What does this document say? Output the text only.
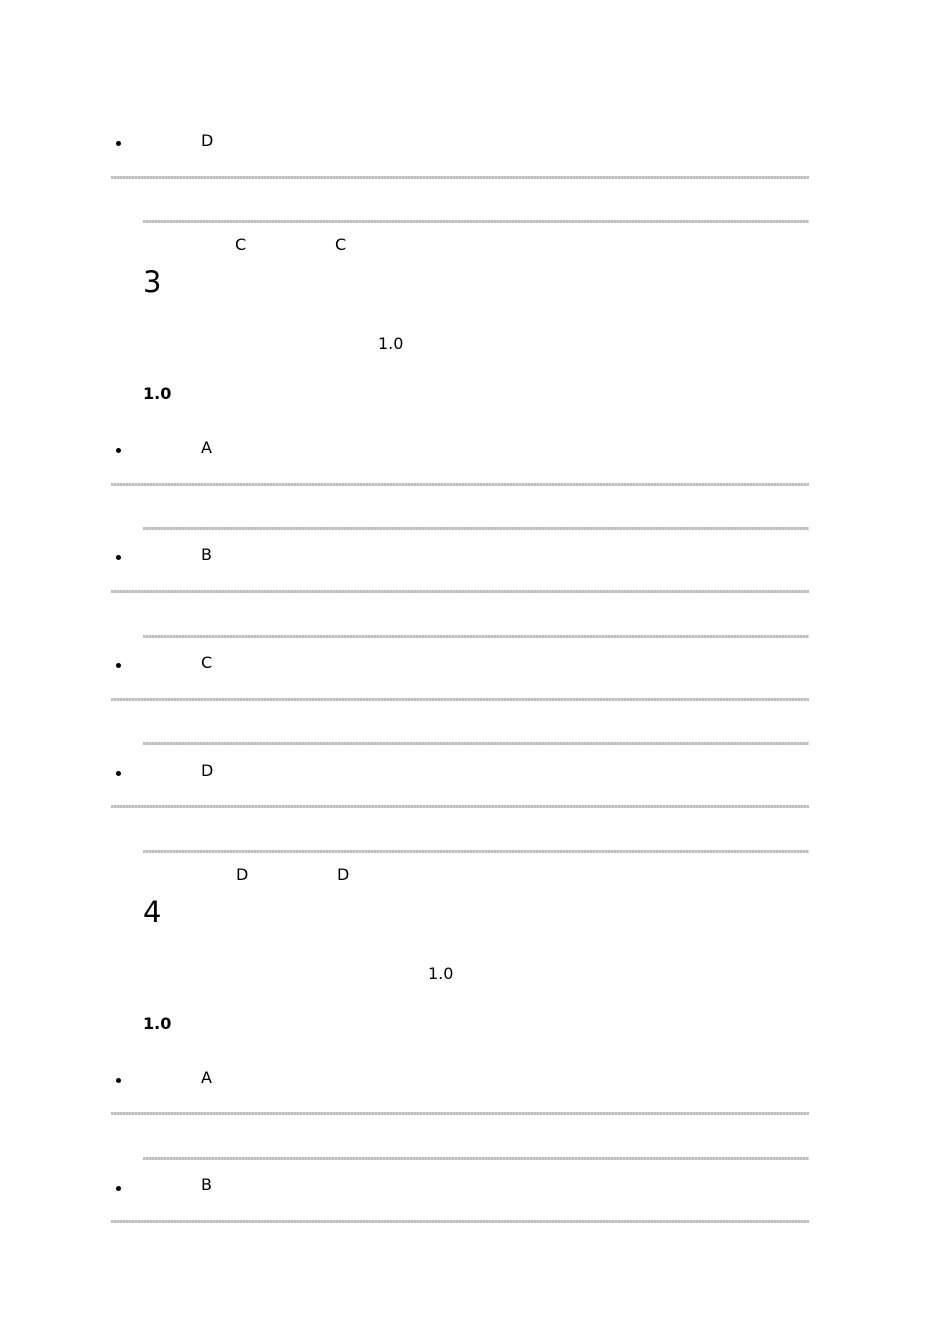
D
C	C
3
1.0
1.0
A
B
C
D
D	D
4
1.0
1.0
A
B
